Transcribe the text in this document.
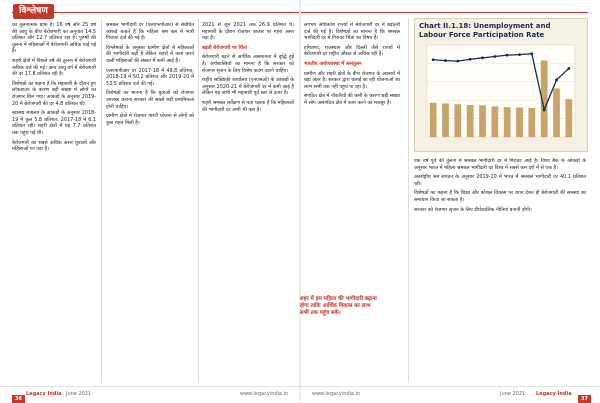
विश्लेषण

का तुलनात्मक ग्राफ है। 16 वर्ष और 25 वर्ष की आयु के बीच बेरोजगारी का अनुपात 14.5 प्रतिशत और 12.7 प्रतिशत रहा है। पुरुषों की तुलना में महिलाओं में बेरोजगारी अधिक पाई गई है।

शहरी क्षेत्रों में पिछले वर्ष की तुलना में बेरोजगारी अधिक दर्ज की गई। अन्य आयु वर्ग में बेरोजगारी की दर 17.8 प्रतिशत रही है।

विशेषज्ञों का कहना है कि महामारी के दौरान हुए लॉकडाउन के कारण बड़ी संख्या में लोगों का रोजगार छिन गया। आंकड़ों के अनुसार 2019-20 में बेरोजगारी की दर 4.8 प्रतिशत थी।

स्वास्थ्य मंत्रालय के आंकड़ों के अनुसार 2018-19 में कुल 5.8 प्रतिशत, 2017-18 में 6.1 प्रतिशत रही। शहरी क्षेत्रों में यह 7.7 प्रतिशत तक पहुंच गई थी।

बेरोजगारी का सबसे अधिक असर युवाओं और महिलाओं पर पड़ा है।

श्रमबल भागीदारी दर (एलएफपीआर) से संबंधित आंकड़े बताते हैं कि महिला श्रम बल में भारी गिरावट दर्ज की गई है।

विश्लेषकों के अनुसार ग्रामीण क्षेत्रों में महिलाओं की भागीदारी बढ़ी है लेकिन शहरों में काम करने वाली महिलाओं की संख्या में कमी आई है।

एलएफपीआर दर 2017-18 में 49.8 प्रतिशत, 2018-19 में 50.2 प्रतिशत और 2019-20 में 53.5 प्रतिशत दर्ज की गई।

विशेषज्ञों का मानना है कि युवाओं को रोजगार उपलब्ध कराना सरकार की सबसे बड़ी प्राथमिकता होनी चाहिए।

ग्रामीण क्षेत्रों में रोजगार गारंटी योजना से लोगों को कुछ राहत मिली है।

2021 से जून 2021 तक 26.9 प्रतिशत थे। महामारी के दौरान रोजगार बाजार पर गहरा असर पड़ा है।

बढ़ती बेरोजगारी पर चिंता

बेरोजगारी बढ़ने से आर्थिक असमानता में वृद्धि हुई है। अर्थशास्त्रियों का मानना है कि सरकार को रोजगार सृजन के लिए विशेष कदम उठाने चाहिए।

राष्ट्रीय सांख्यिकी कार्यालय (एनएसओ) के आंकड़ों के अनुसार 2020-21 में बेरोजगारी दर में कमी आई है लेकिन यह अभी भी महामारी पूर्व स्तर से ऊपर है।

शहरी श्रमबल सर्वेक्षण से पता चलता है कि महिलाओं की भागीदारी दर अभी भी कम है।

लगभग अधिकांश राज्यों में बेरोजगारी दर में बढ़ोतरी दर्ज की गई है। विशेषज्ञों का मानना है कि श्रमबल भागीदारी दर में गिरावट चिंता का विषय है।

हरियाणा, राजस्थान और दिल्ली जैसे राज्यों में बेरोजगारी दर राष्ट्रीय औसत से अधिक रही है।

भारतीय अर्थव्यवस्था में असंतुलन

ग्रामीण और शहरी क्षेत्रों के बीच रोजगार के अवसरों में बड़ा अंतर है। सरकार द्वारा चलाई जा रही योजनाओं का लाभ सभी तक नहीं पहुंच पा रहा है।

संगठित क्षेत्र में नौकरियों की कमी के कारण बड़ी संख्या में लोग असंगठित क्षेत्र में काम करने को मजबूर हैं।

शहर में हम महिला की भागीदारी बढ़ाना होगा ताकि आर्थिक विकास का लाभ सभी तक पहुंच सके।

एक वर्ष पूर्व की तुलना में श्रमबल भागीदारी दर में गिरावट आई है। विश्व बैंक के आंकड़ों के अनुसार भारत में महिला श्रमबल भागीदारी दर विश्व में सबसे कम दरों में से एक है।

अंतर्राष्ट्रीय श्रम संगठन के अनुसार 2019-20 में भारत में श्रमबल भागीदारी दर 40.1 प्रतिशत रही।

विशेषज्ञों का कहना है कि शिक्षा और कौशल विकास पर ध्यान देकर ही बेरोजगारी की समस्या का समाधान किया जा सकता है।

सरकार को रोजगार सृजन के लिए दीर्घकालिक नीतियां बनानी होंगी।

Chart II.1.18: Unemployment and
Labour Force Participation Rate
36
Legacy India June 2021	www.legacyindia.in	www.legacyindia.in	June 2021 Legacy India
37
